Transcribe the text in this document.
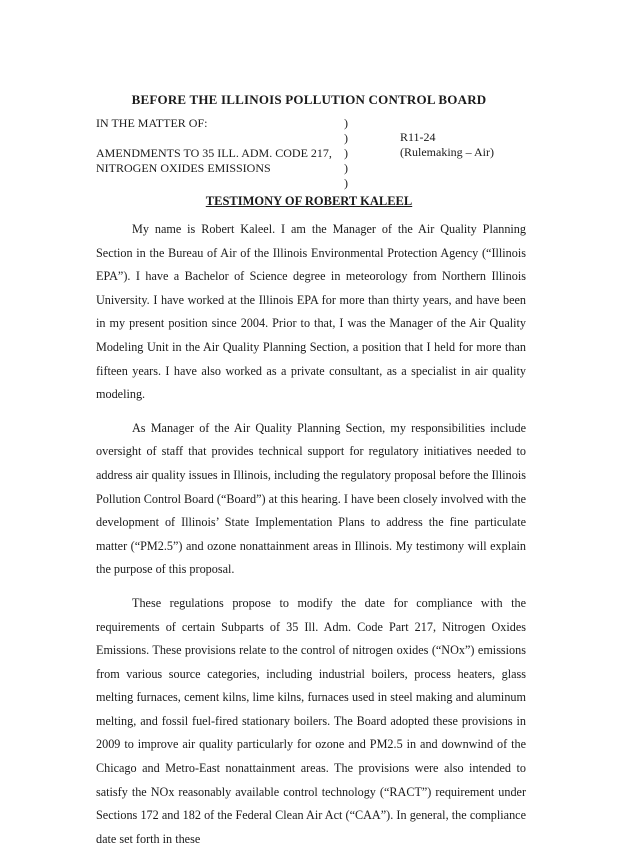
BEFORE THE ILLINOIS POLLUTION CONTROL BOARD
IN THE MATTER OF:

AMENDMENTS TO 35 ILL. ADM. CODE 217,
NITROGEN OXIDES EMISSIONS
)
)
)
)
)
R11-24
(Rulemaking – Air)
TESTIMONY OF ROBERT KALEEL

My name is Robert Kaleel. I am the Manager of the Air Quality Planning Section in the Bureau of Air of the Illinois Environmental Protection Agency (“Illinois EPA”). I have a Bachelor of Science degree in meteorology from Northern Illinois University. I have worked at the Illinois EPA for more than thirty years, and have been in my present position since 2004. Prior to that, I was the Manager of the Air Quality Modeling Unit in the Air Quality Planning Section, a position that I held for more than fifteen years. I have also worked as a private consultant, as a specialist in air quality modeling.

As Manager of the Air Quality Planning Section, my responsibilities include oversight of staff that provides technical support for regulatory initiatives needed to address air quality issues in Illinois, including the regulatory proposal before the Illinois Pollution Control Board (“Board”) at this hearing. I have been closely involved with the development of Illinois’ State Implementation Plans to address the fine particulate matter (“PM2.5”) and ozone nonattainment areas in Illinois. My testimony will explain the purpose of this proposal.

These regulations propose to modify the date for compliance with the requirements of certain Subparts of 35 Ill. Adm. Code Part 217, Nitrogen Oxides Emissions. These provisions relate to the control of nitrogen oxides (“NOx”) emissions from various source categories, including industrial boilers, process heaters, glass melting furnaces, cement kilns, lime kilns, furnaces used in steel making and aluminum melting, and fossil fuel-fired stationary boilers. The Board adopted these provisions in 2009 to improve air quality particularly for ozone and PM2.5 in and downwind of the Chicago and Metro-East nonattainment areas. The provisions were also intended to satisfy the NOx reasonably available control technology (“RACT”) requirement under Sections 172 and 182 of the Federal Clean Air Act (“CAA”). In general, the compliance date set forth in these
